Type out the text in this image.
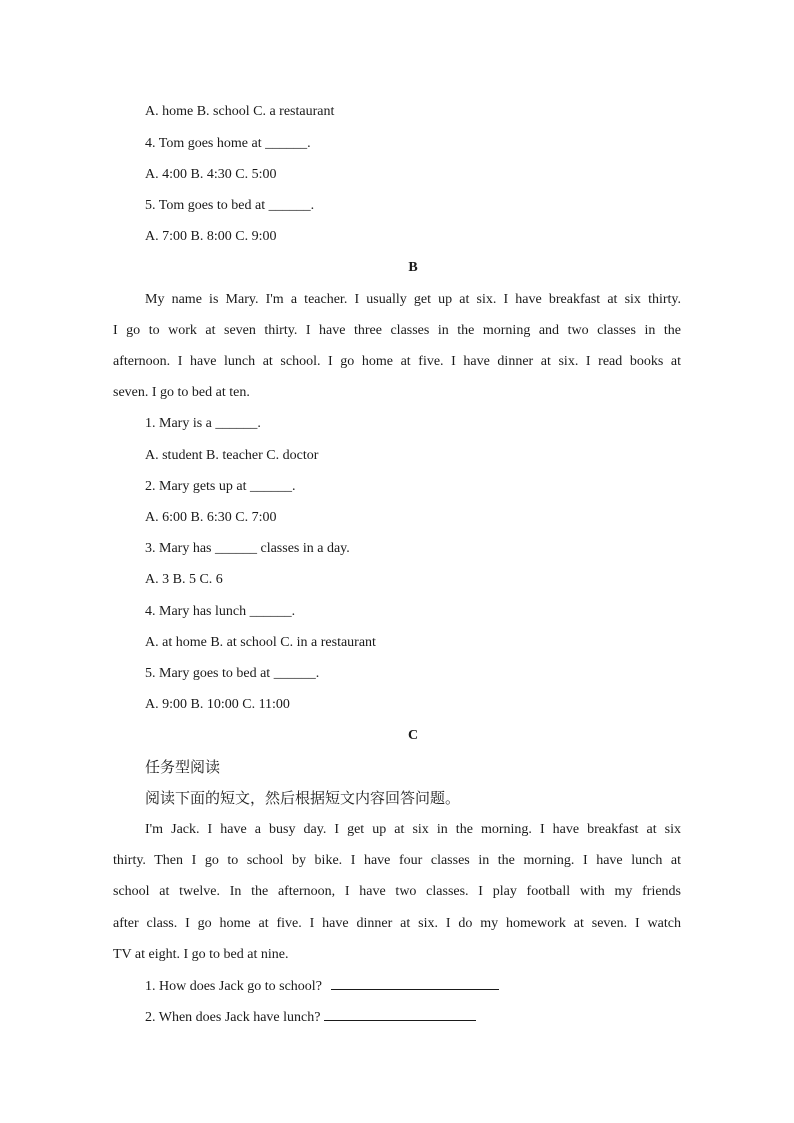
A. home B. school C. a restaurant
4. Tom goes home at ______.
A. 4:00 B. 4:30 C. 5:00
5. Tom goes to bed at ______.
A. 7:00 B. 8:00 C. 9:00
B
My name is Mary. I'm a teacher. I usually get up at six. I have breakfast at six thirty.
I go to work at seven thirty. I have three classes in the morning and two classes in the
afternoon. I have lunch at school. I go home at five. I have dinner at six. I read books at
seven. I go to bed at ten.
1. Mary is a ______.
A. student B. teacher C. doctor
2. Mary gets up at ______.
A. 6:00 B. 6:30 C. 7:00
3. Mary has ______ classes in a day.
A. 3 B. 5 C. 6
4. Mary has lunch ______.
A. at home B. at school C. in a restaurant
5. Mary goes to bed at ______.
A. 9:00 B. 10:00 C. 11:00
C
任务型阅读
阅读下面的短文，然后根据短文内容回答问题。
I'm Jack. I have a busy day. I get up at six in the morning. I have breakfast at six
thirty. Then I go to school by bike. I have four classes in the morning. I have lunch at
school at twelve. In the afternoon, I have two classes. I play football with my friends
after class. I go home at five. I have dinner at six. I do my homework at seven. I watch
TV at eight. I go to bed at nine.
1. How does Jack go to school?
2. When does Jack have lunch?
